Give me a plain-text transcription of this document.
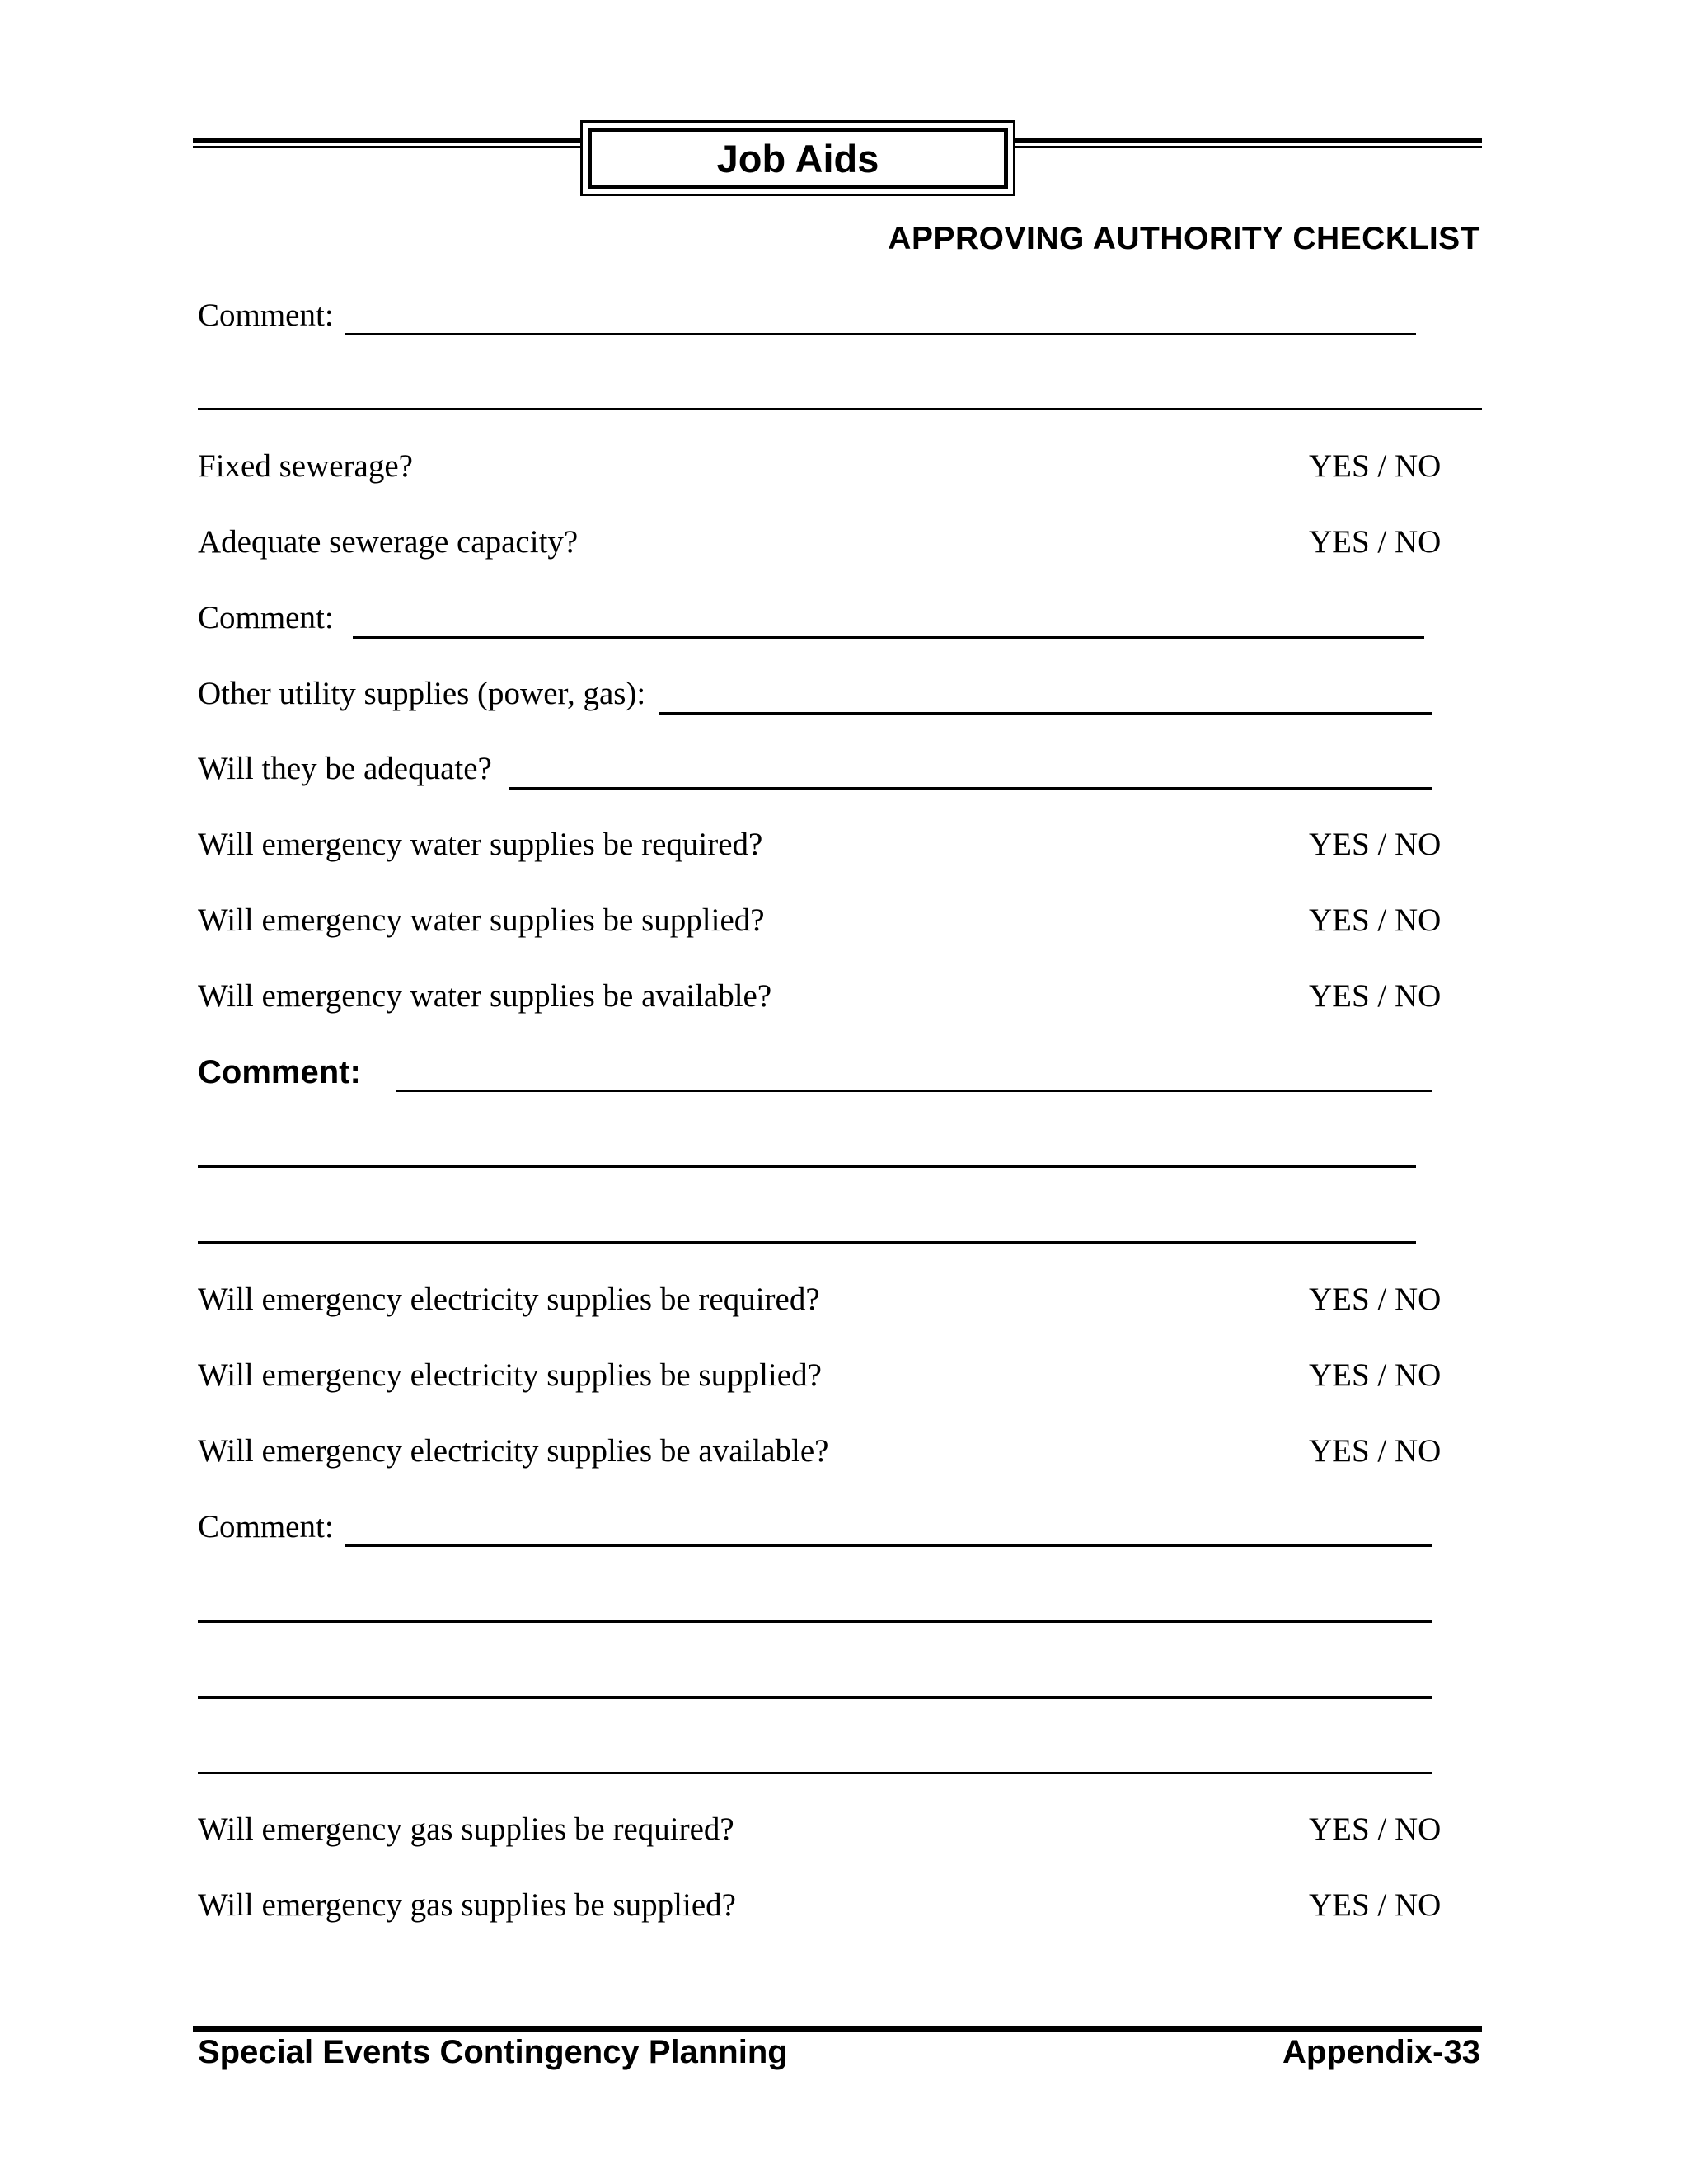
Job Aids
APPROVING AUTHORITY CHECKLIST
Comment:
Fixed sewerage?	YES / NO
Adequate sewerage capacity?	YES / NO
Comment:
Other utility supplies (power, gas):
Will they be adequate?
Will emergency water supplies be required?	YES / NO
Will emergency water supplies be supplied?	YES / NO
Will emergency water supplies be available?	YES / NO
Comment:
Will emergency electricity supplies be required?	YES / NO
Will emergency electricity supplies be supplied?	YES / NO
Will emergency electricity supplies be available?	YES / NO
Comment:
Will emergency gas supplies be required?	YES / NO
Will emergency gas supplies be supplied?	YES / NO
Special Events Contingency Planning	Appendix-33
